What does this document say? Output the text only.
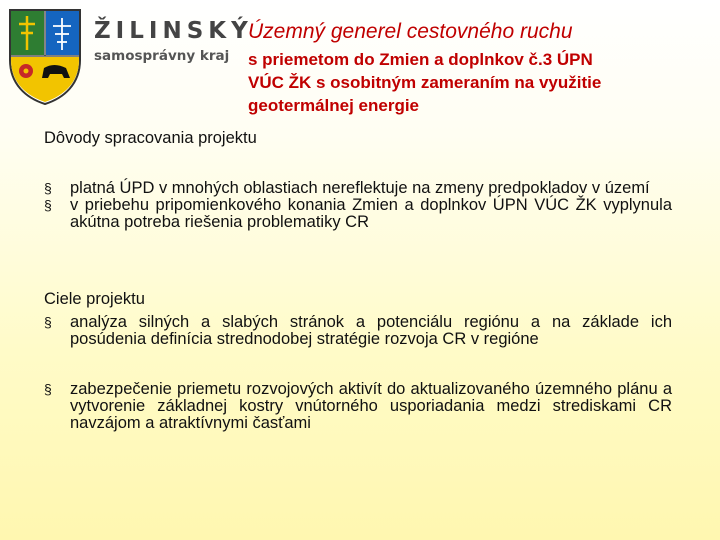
ŽILINSKÝ
samosprávny kraj
Územný generel cestovného ruchu
s priemetom do Zmien a doplnkov č.3 ÚPN
VÚC ŽK s osobitným zameraním na využitie
geotermálnej energie

Dôvody spracovania projektu

§ platná ÚPD v mnohých oblastiach nereflektuje na zmeny predpokladov v území
§ v priebehu pripomienkového konania Zmien a doplnkov ÚPN VÚC ŽK vyplynula akútna potreba riešenia problematiky CR

Ciele projektu

§ analýza silných a slabých stránok a potenciálu regiónu a na základe ich posúdenia definícia strednodobej stratégie rozvoja CR v regióne
§ zabezpečenie priemetu rozvojových aktivít do aktualizovaného územného plánu a vytvorenie základnej kostry vnútorného usporiadania medzi strediskami CR navzájom a atraktívnymi časťami
